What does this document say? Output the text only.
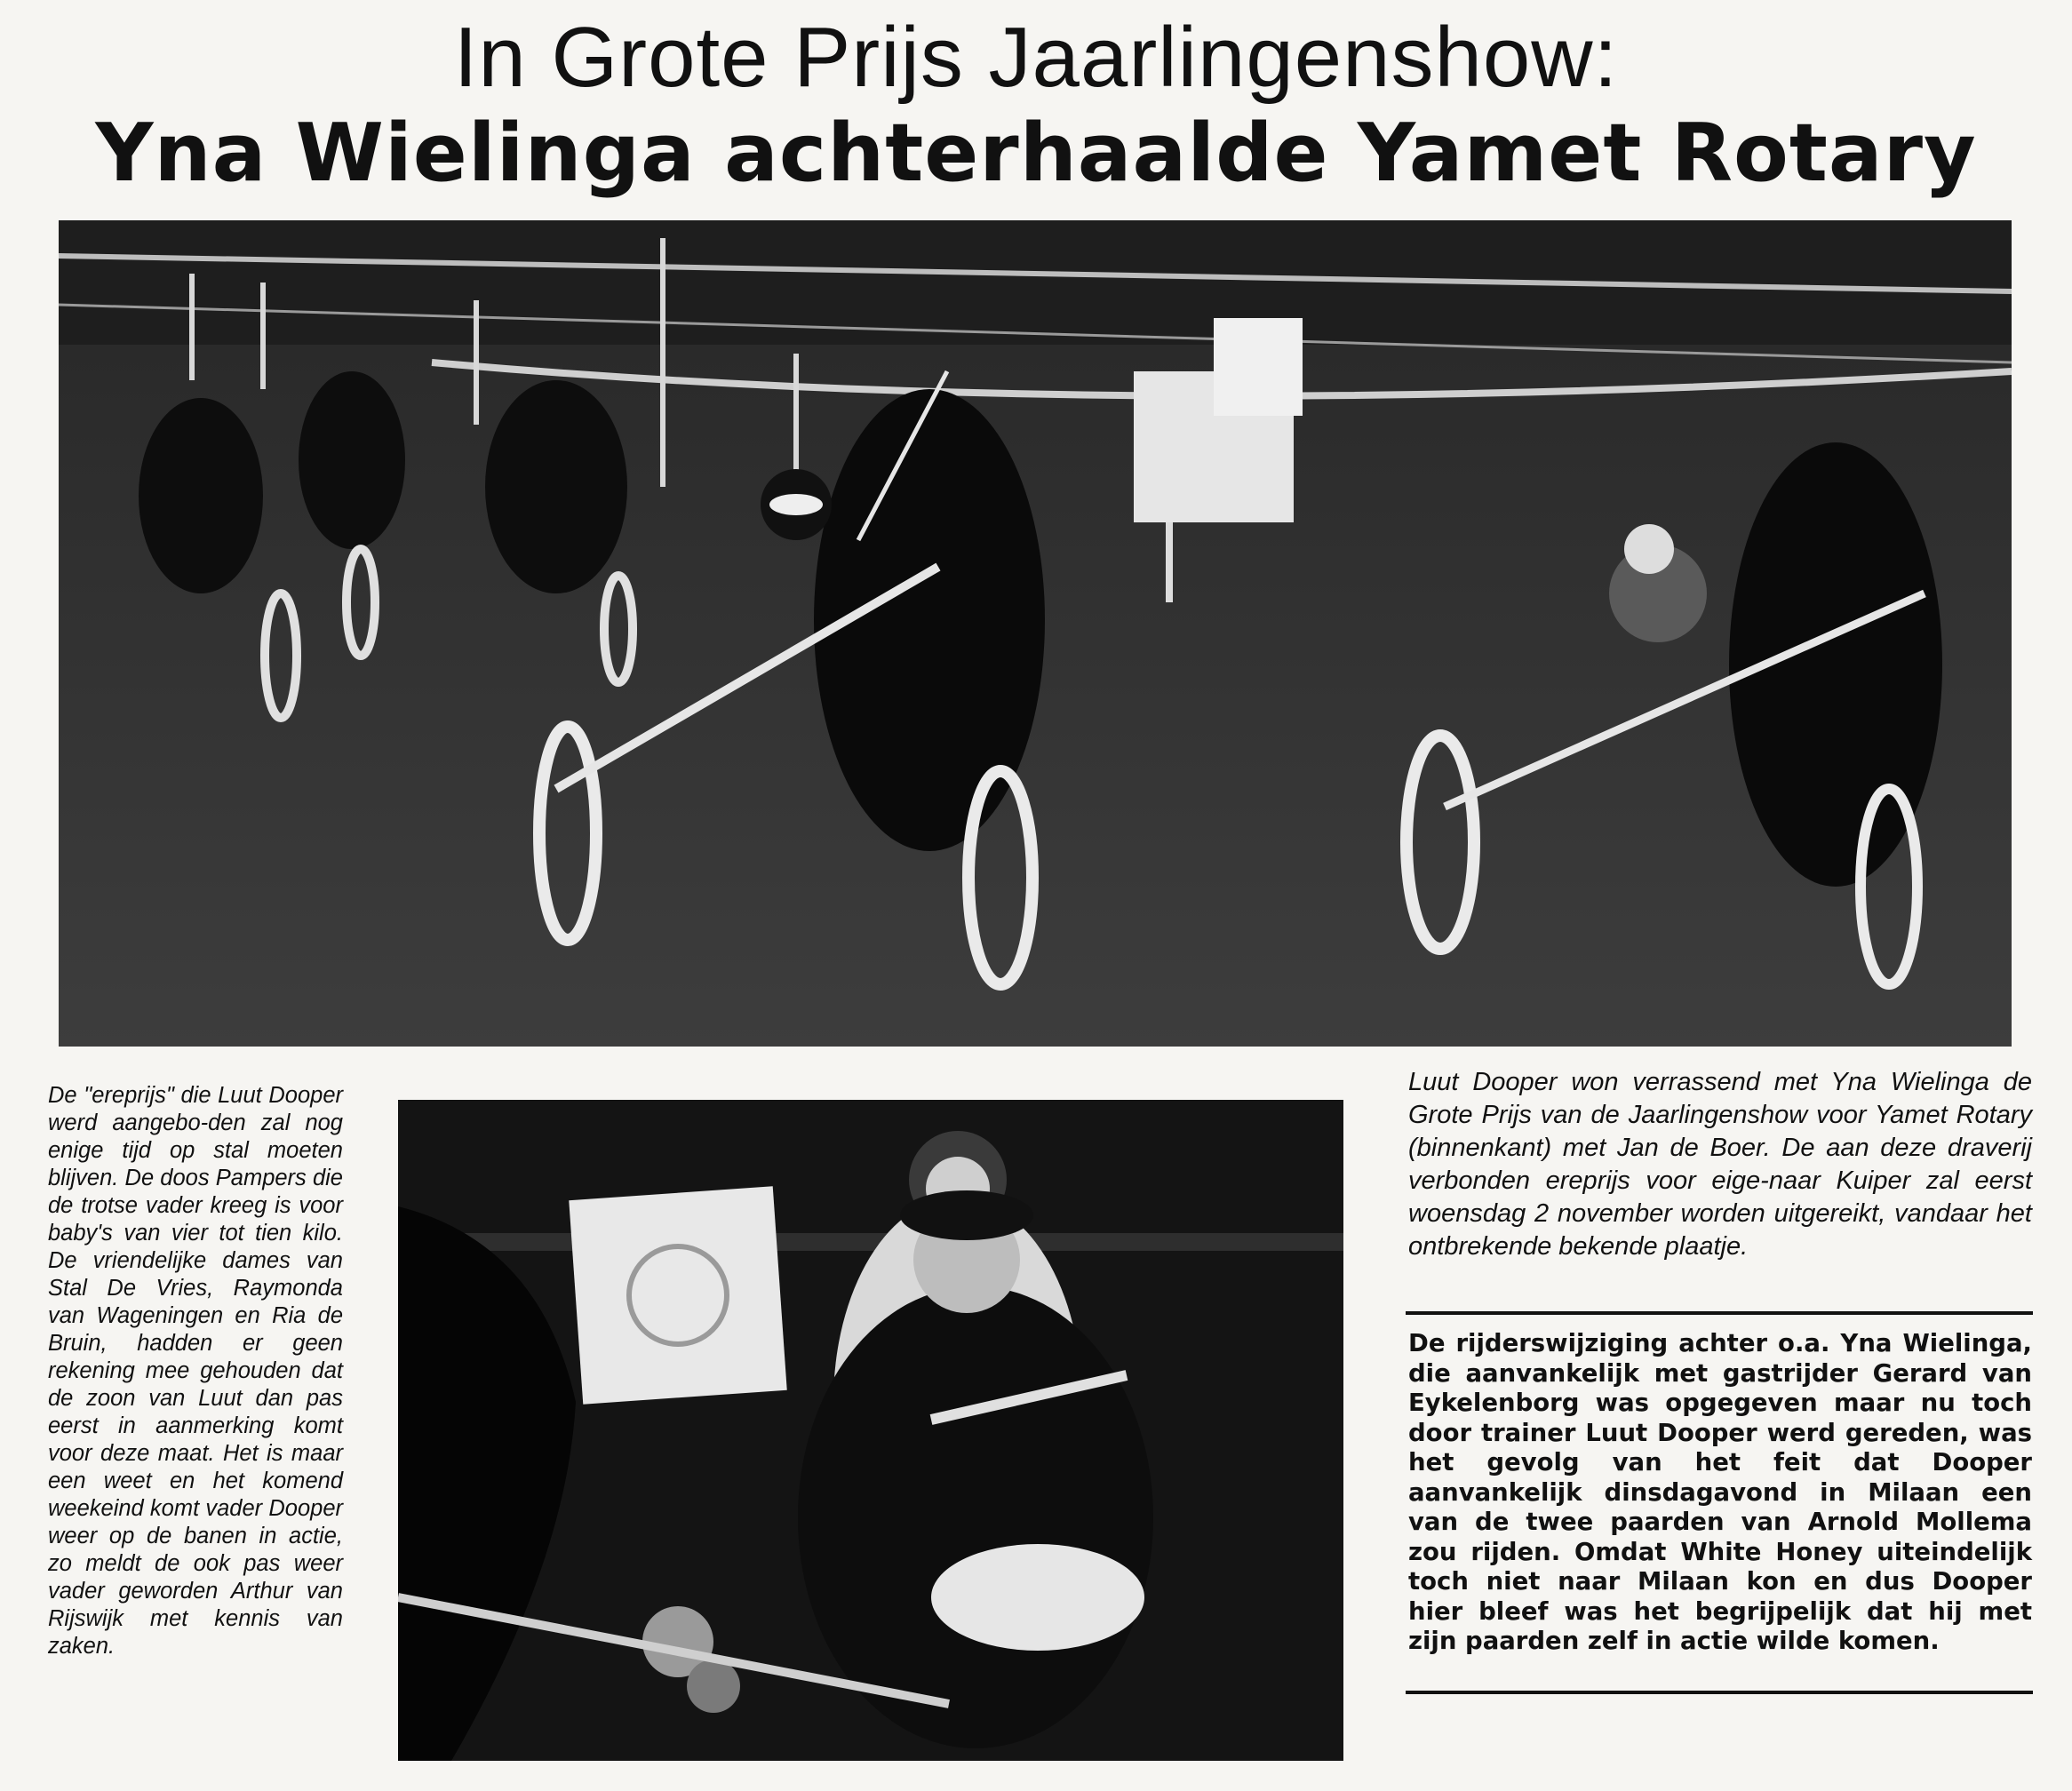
In Grote Prijs Jaarlingenshow:
Yna Wielinga achterhaalde Yamet Rotary
De "ereprijs" die Luut Dooper werd aangebo-den zal nog enige tijd op stal moeten blijven. De doos Pampers die de trotse vader kreeg is voor baby's van vier tot tien kilo. De vriendelijke dames van Stal De Vries, Raymonda van Wageningen en Ria de Bruin, hadden er geen rekening mee gehouden dat de zoon van Luut dan pas eerst in aanmerking komt voor deze maat. Het is maar een weet en het komend weekeind komt vader Dooper weer op de banen in actie, zo meldt de ook pas weer vader geworden Arthur van Rijswijk met kennis van zaken.
Luut Dooper won verrassend met Yna Wielinga de Grote Prijs van de Jaarlingenshow voor Yamet Rotary (binnenkant) met Jan de Boer. De aan deze draverij verbonden ereprijs voor eige-naar Kuiper zal eerst woensdag 2 november worden uitgereikt, vandaar het ontbrekende bekende plaatje.
De rijderswijziging achter o.a. Yna Wielinga, die aanvankelijk met gastrijder Gerard van Eykelenborg was opgegeven maar nu toch door trainer Luut Dooper werd gereden, was het gevolg van het feit dat Dooper aanvankelijk dinsdagavond in Milaan een van de twee paarden van Arnold Mollema zou rijden. Omdat White Honey uiteindelijk toch niet naar Milaan kon en dus Dooper hier bleef was het begrijpelijk dat hij met zijn paarden zelf in actie wilde komen.
